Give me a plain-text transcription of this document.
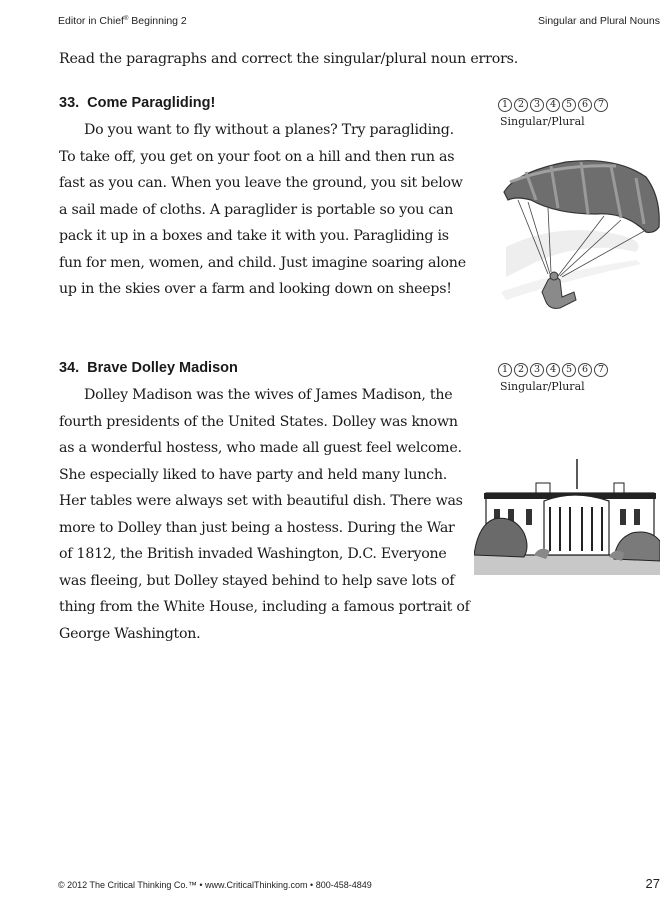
Editor in Chief® Beginning 2	Singular and Plural Nouns
Read the paragraphs and correct the singular/plural noun errors.
33. Come Paragliding!
Do you want to fly without a planes? Try paragliding.
To take off, you get on your foot on a hill and then run as
fast as you can. When you leave the ground, you sit below
a sail made of cloths. A paraglider is portable so you can
pack it up in a boxes and take it with you. Paragliding is
fun for men, women, and child. Just imagine soaring alone
up in the skies over a farm and looking down on sheeps!
1	2	3	4	5	6	7
Singular/Plural
34. Brave Dolley Madison
Dolley Madison was the wives of James Madison, the
fourth presidents of the United States. Dolley was known
as a wonderful hostess, who made all guest feel welcome.
She especially liked to have party and held many lunch.
Her tables were always set with beautiful dish. There was
more to Dolley than just being a hostess. During the War
of 1812, the British invaded Washington, D.C. Everyone
was fleeing, but Dolley stayed behind to help save lots of
thing from the White House, including a famous portrait of
George Washington.
1	2	3	4	5	6	7
Singular/Plural
© 2012 The Critical Thinking Co.™ • www.CriticalThinking.com • 800-458-4849	27
